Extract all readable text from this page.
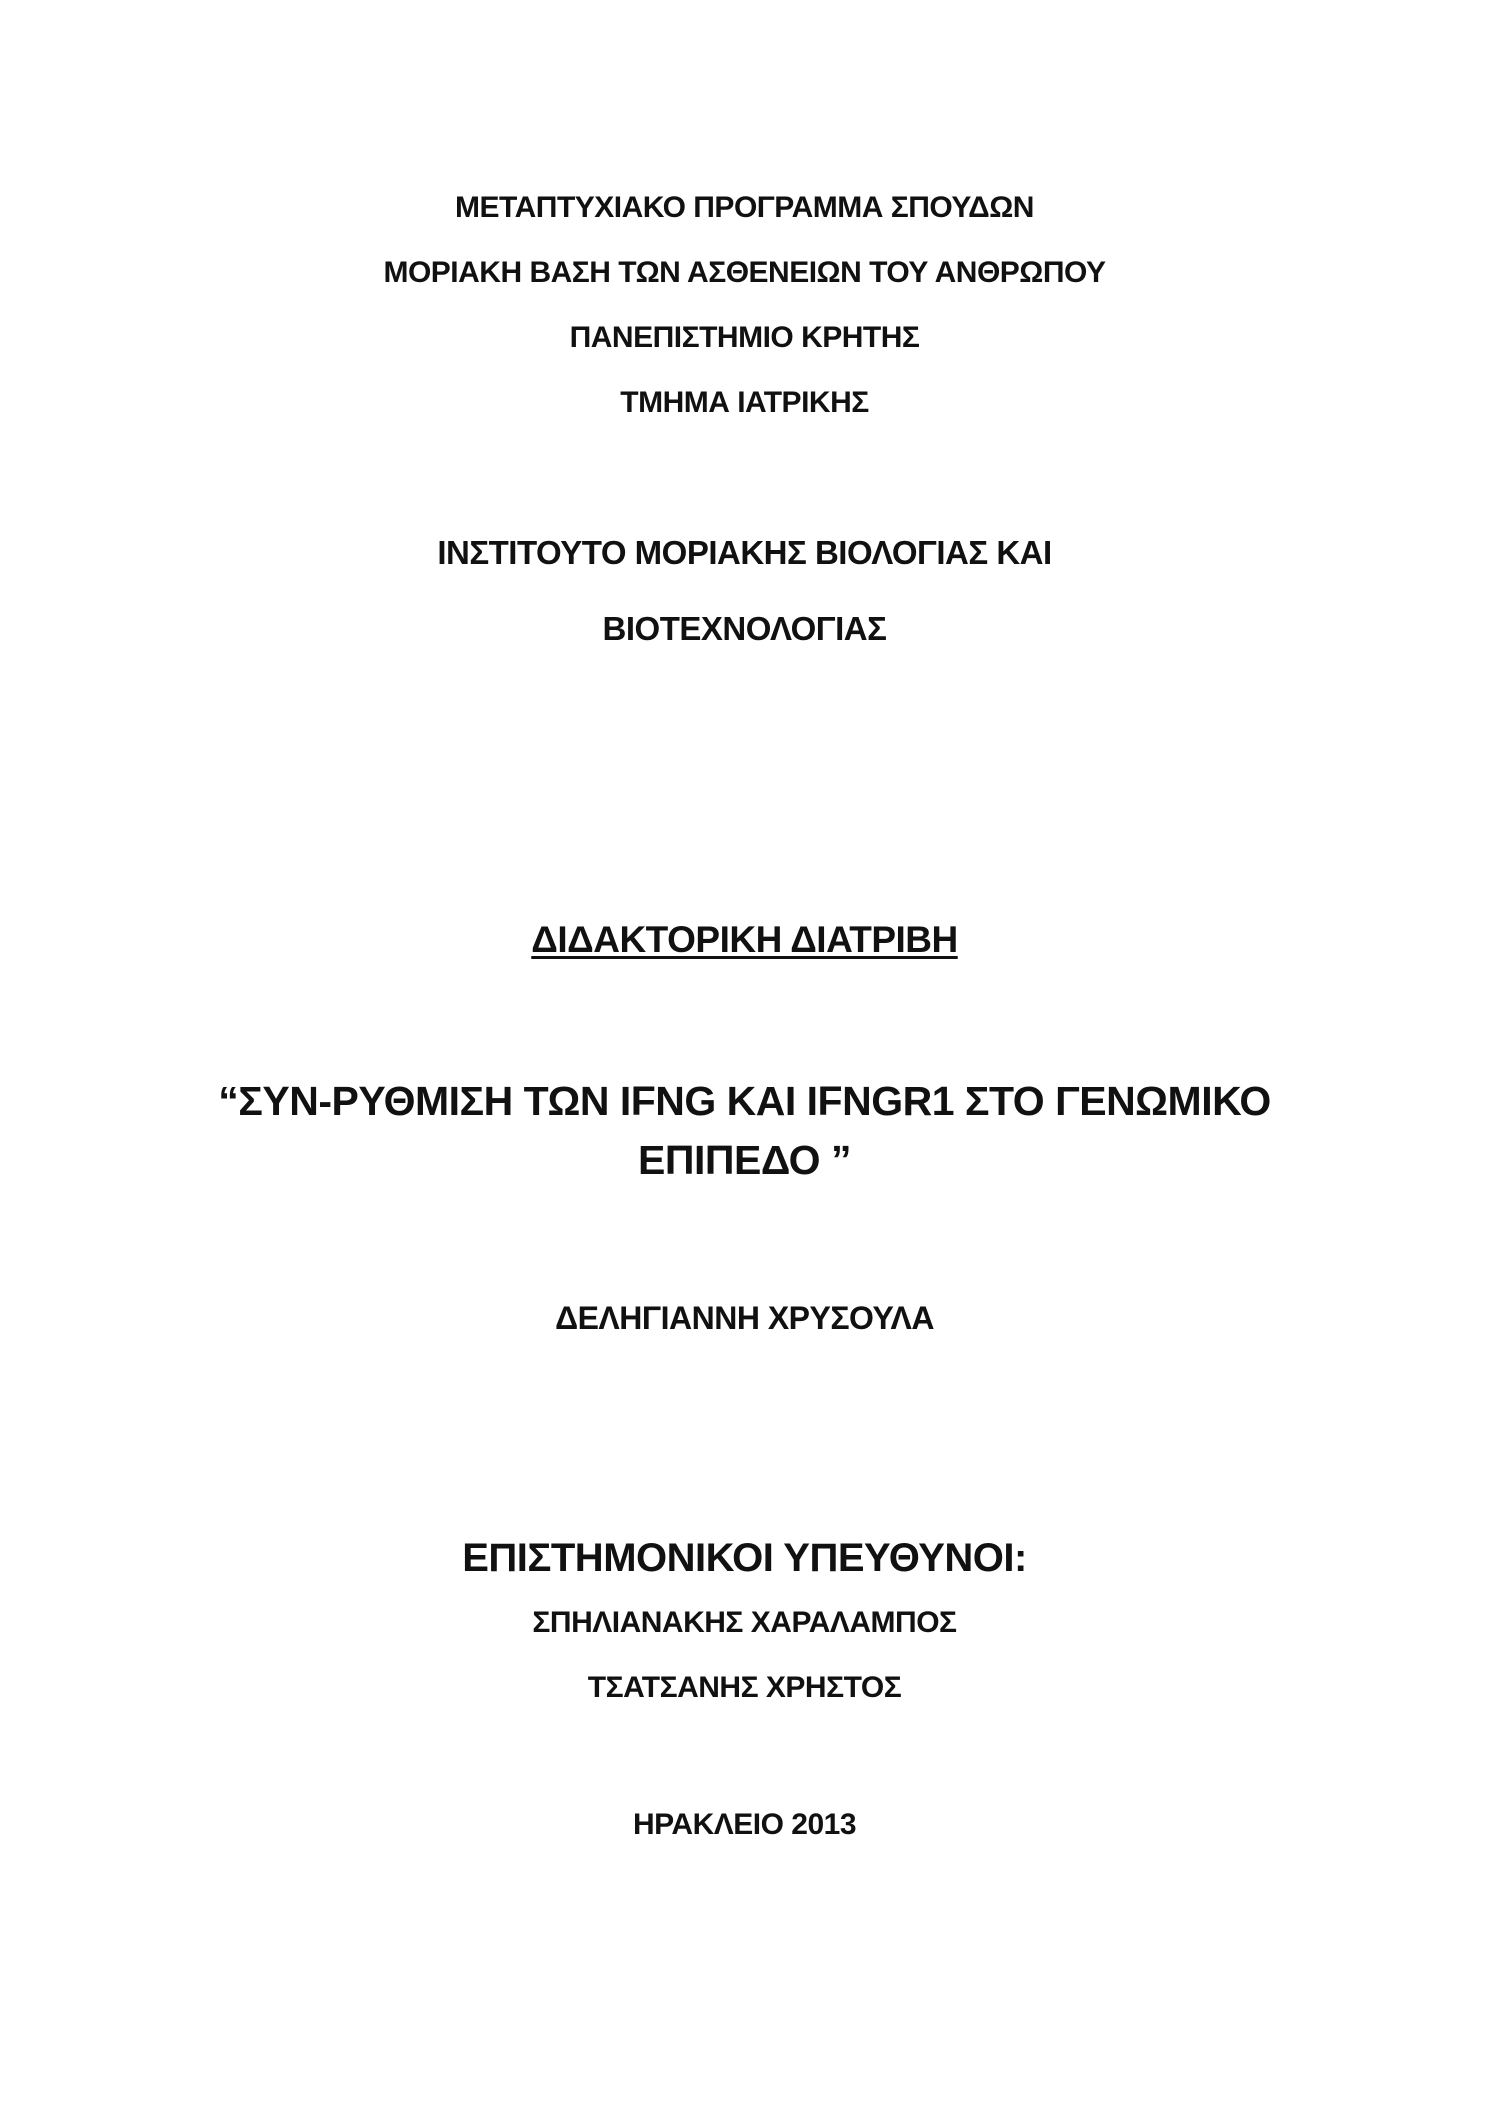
ΜΕΤΑΠΤΥΧΙΑΚΟ ΠΡΟΓΡΑΜΜΑ ΣΠΟΥΔΩΝ
ΜΟΡΙΑΚΗ ΒΑΣΗ ΤΩΝ ΑΣΘΕΝΕΙΩΝ ΤΟΥ ΑΝΘΡΩΠΟΥ
ΠΑΝΕΠΙΣΤΗΜΙΟ ΚΡΗΤΗΣ
ΤΜΗΜΑ ΙΑΤΡΙΚΗΣ
ΙΝΣΤΙΤΟΥΤΟ ΜΟΡΙΑΚΗΣ ΒΙΟΛΟΓΙΑΣ ΚΑΙ
ΒΙΟΤΕΧΝΟΛΟΓΙΑΣ
ΔΙΔΑΚΤΟΡΙΚΗ ΔΙΑΤΡΙΒΗ
“ΣΥΝ-ΡΥΘΜΙΣΗ ΤΩΝ IFNG ΚΑΙ IFNGR1 ΣΤΟ ΓΕΝΩΜΙΚΟ
ΕΠΙΠΕΔΟ ”
ΔΕΛΗΓΙΑΝΝΗ ΧΡΥΣΟΥΛΑ
ΕΠΙΣΤΗΜΟΝΙΚΟΙ ΥΠΕΥΘΥΝΟΙ:
ΣΠΗΛΙΑΝΑΚΗΣ ΧΑΡΑΛΑΜΠΟΣ
ΤΣΑΤΣΑΝΗΣ ΧΡΗΣΤΟΣ
ΗΡΑΚΛΕΙΟ 2013
